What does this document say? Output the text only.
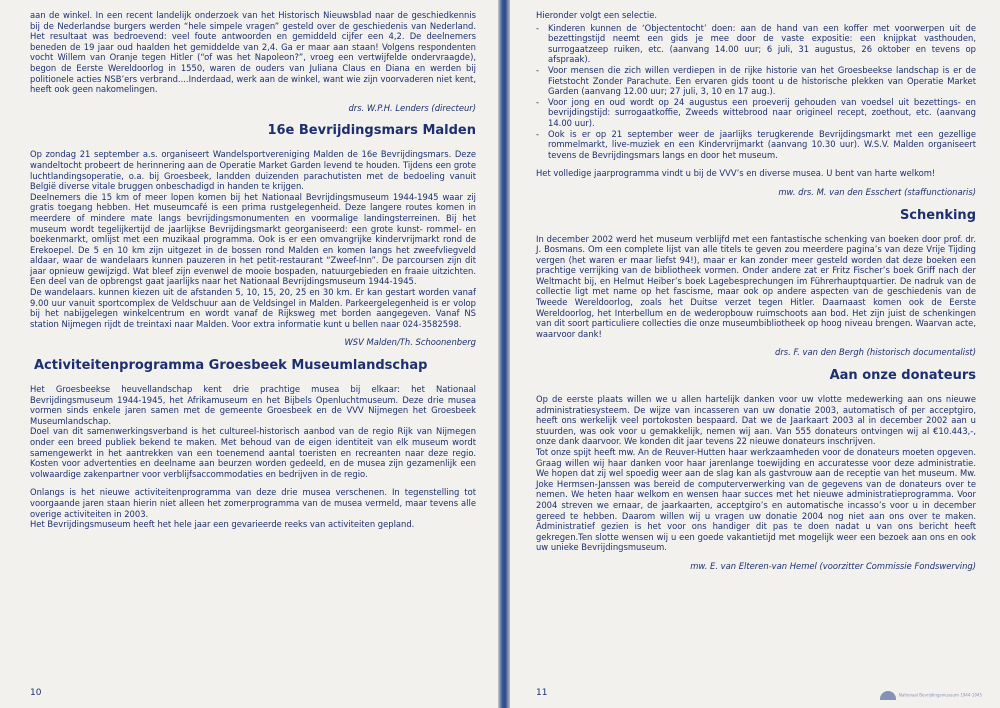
aan de winkel. In een recent landelijk onderzoek van het Historisch Nieuwsblad naar de geschiedkennis bij de Nederlandse burgers werden “hele simpele vragen” gesteld over de geschiedenis van Nederland. Het resultaat was bedroevend: veel foute antwoorden en gemiddeld cijfer een 4,2. De deelnemers beneden de 19 jaar oud haalden het gemiddelde van 2,4. Ga er maar aan staan! Volgens respondenten vocht Willem van Oranje tegen Hitler (“of was het Napoleon?”, vroeg een vertwijfelde ondervraagde), begon de Eerste Wereldoorlog in 1550, waren de ouders van Juliana Claus en Diana en werden bij politionele acties NSB’ers verbrand....Inderdaad, werk aan de winkel, want wie zijn voorvaderen niet kent, heeft ook geen nakomelingen.

drs. W.P.H. Lenders (directeur)
16e Bevrijdingsmars Malden

Op zondag 21 september a.s. organiseert Wandelsportvereniging Malden de 16e Bevrijdingsmars. Deze wandeltocht probeert de herinnering aan de Operatie Market Garden levend te houden. Tijdens een grote luchtlandingsoperatie, o.a. bij Groesbeek, landden duizenden parachutisten met de bedoeling vanuit België diverse vitale bruggen onbeschadigd in handen te krijgen.

Deelnemers die 15 km of meer lopen komen bij het Nationaal Bevrijdingsmuseum 1944-1945 waar zij gratis toegang hebben. Het museumcafé is een prima rustgelegenheid. Deze langere routes komen in meerdere of mindere mate langs bevrijdingsmonumenten en voormalige landingsterreinen. Bij het museum wordt tegelijkertijd de jaarlijkse Bevrijdingsmarkt georganiseerd: een grote kunst- rommel- en boekenmarkt, omlijst met een muzikaal programma. Ook is er een omvangrijke kindervrijmarkt rond de Erekoepel. De 5 en 10 km zijn uitgezet in de bossen rond Malden en komen langs het zweefvliegveld aldaar, waar de wandelaars kunnen pauzeren in het petit-restaurant “Zweef-Inn”. De parcoursen zijn dit jaar opnieuw gewijzigd. Wat bleef zijn evenwel de mooie bospaden, natuurgebieden en fraaie uitzichten. Een deel van de opbrengst gaat jaarlijks naar het Nationaal Bevrijdingsmuseum 1944-1945.

De wandelaars. kunnen kiezen uit de afstanden 5, 10, 15, 20, 25 en 30 km. Er kan gestart worden vanaf 9.00 uur vanuit sportcomplex de Veldschuur aan de Veldsingel in Malden. Parkeergelegenheid is er volop bij het nabijgelegen winkelcentrum en wordt vanaf de Rijksweg met borden aangegeven. Vanaf NS station Nijmegen rijdt de treintaxi naar Malden. Voor extra informatie kunt u bellen naar 024-3582598.

WSV Malden/Th. Schoonenberg
Activiteitenprogramma Groesbeek Museumlandschap

Het Groesbeekse heuvellandschap kent drie prachtige musea bij elkaar: het Nationaal Bevrijdingsmuseum 1944-1945, het Afrikamuseum en het Bijbels Openluchtmuseum. Deze drie musea vormen sinds enkele jaren samen met de gemeente Groesbeek en de VVV Nijmegen het Groesbeek Museumlandschap.

Doel van dit samenwerkingsverband is het cultureel-historisch aanbod van de regio Rijk van Nijmegen onder een breed publiek bekend te maken. Met behoud van de eigen identiteit van elk museum wordt samengewerkt in het aantrekken van een toenemend aantal toeristen en recreanten naar deze regio. Kosten voor advertenties en deelname aan beurzen worden gedeeld, en de musea zijn gezamenlijk een volwaardige zakenpartner voor verblijfsaccommodaties en bedrijven in de regio.

Onlangs is het nieuwe activiteitenprogramma van deze drie musea verschenen. In tegenstelling tot voorgaande jaren staan hierin niet alleen het zomerprogramma van de musea vermeld, maar tevens alle overige activiteiten in 2003.

Het Bevrijdingsmuseum heeft het hele jaar een gevarieerde reeks van activiteiten gepland.

10

Hieronder volgt een selectie.

- Kinderen kunnen de ‘Objectentocht’ doen: aan de hand van een koffer met voorwerpen uit de bezettingstijd neemt een gids je mee door de vaste expositie: een knijpkat vasthouden, surrogaatzeep ruiken, etc. (aanvang 14.00 uur; 6 juli, 31 augustus, 26 oktober en tevens op afspraak).
- Voor mensen die zich willen verdiepen in de rijke historie van het Groesbeekse landschap is er de Fietstocht Zonder Parachute. Een ervaren gids toont u de historische plekken van Operatie Market Garden (aanvang 12.00 uur; 27 juli, 3, 10 en 17 aug.).
- Voor jong en oud wordt op 24 augustus een proeverij gehouden van voedsel uit bezettings- en bevrijdingstijd: surrogaatkoffie, Zweeds wittebrood naar origineel recept, zoethout, etc. (aanvang 14.00 uur).
- Ook is er op 21 september weer de jaarlijks terugkerende Bevrijdingsmarkt met een gezellige rommelmarkt, live-muziek en een Kindervrijmarkt (aanvang 10.30 uur). W.S.V. Malden organiseert tevens de Bevrijdingsmars langs en door het museum.

Het volledige jaarprogramma vindt u bij de VVV’s en diverse musea. U bent van harte welkom!

mw. drs. M. van den Esschert (staffunctionaris)
Schenking

In december 2002 werd het museum verblijfd met een fantastische schenking van boeken door prof. dr. J. Bosmans. Om een complete lijst van alle titels te geven zou meerdere pagina’s van deze Vrije Tijding vergen (het waren er maar liefst 94!), maar er kan zonder meer gesteld worden dat deze boeken een prachtige verrijking van de bibliotheek vormen. Onder andere zat er Fritz Fischer’s boek Griff nach der Weltmacht bij, en Helmut Heiber’s boek Lagebesprechungen im Führerhauptquartier. De nadruk van de collectie ligt met name op het fascisme, maar ook op andere aspecten van de geschiedenis van de Tweede Wereldoorlog, zoals het Duitse verzet tegen Hitler. Daarnaast komen ook de Eerste Wereldoorlog, het Interbellum en de wederopbouw ruimschoots aan bod. Het zijn juist de schenkingen van dit soort particuliere collecties die onze museumbibliotheek op hoog niveau brengen. Waarvan acte, waarvoor dank!

drs. F. van den Bergh (historisch documentalist)
Aan onze donateurs

Op de eerste plaats willen we u allen hartelijk danken voor uw vlotte medewerking aan ons nieuwe administratiesysteem. De wijze van incasseren van uw donatie 2003, automatisch of per acceptgiro, heeft ons werkelijk veel portokosten bespaard. Dat we de Jaarkaart 2003 al in december 2002 aan u stuurden, was ook voor u gemakkelijk, nemen wij aan. Van 555 donateurs ontvingen wij al €10.443,-, onze dank daarvoor. We konden dit jaar tevens 22 nieuwe donateurs inschrijven.

Tot onze spijt heeft mw. An de Reuver-Hutten haar werkzaamheden voor de donateurs moeten opgeven. Graag willen wij haar danken voor haar jarenlange toewijding en accuratesse voor deze administratie. We hopen dat zij wel spoedig weer aan de slag kan als gastvrouw aan de receptie van het museum. Mw. Joke Hermsen-Janssen was bereid de computerverwerking van de gegevens van de donateurs over te nemen. We heten haar welkom en wensen haar succes met het nieuwe administratieprogramma. Voor 2004 streven we ernaar, de jaarkaarten, acceptgiro’s en automatische incasso’s voor u in december gereed te hebben. Daarom willen wij u vragen uw donatie 2004 nog niet aan ons over te maken. Administratief gezien is het voor ons handiger dit pas te doen nadat u van ons bericht heeft gekregen.Ten slotte wensen wij u een goede vakantietijd met mogelijk weer een bezoek aan ons en ook uw unieke Bevrijdingsmuseum.

mw. E. van Elteren-van Hemel (voorzitter Commissie Fondswerving)
11	Nationaal Bevrijdingsmuseum 1944-1945
